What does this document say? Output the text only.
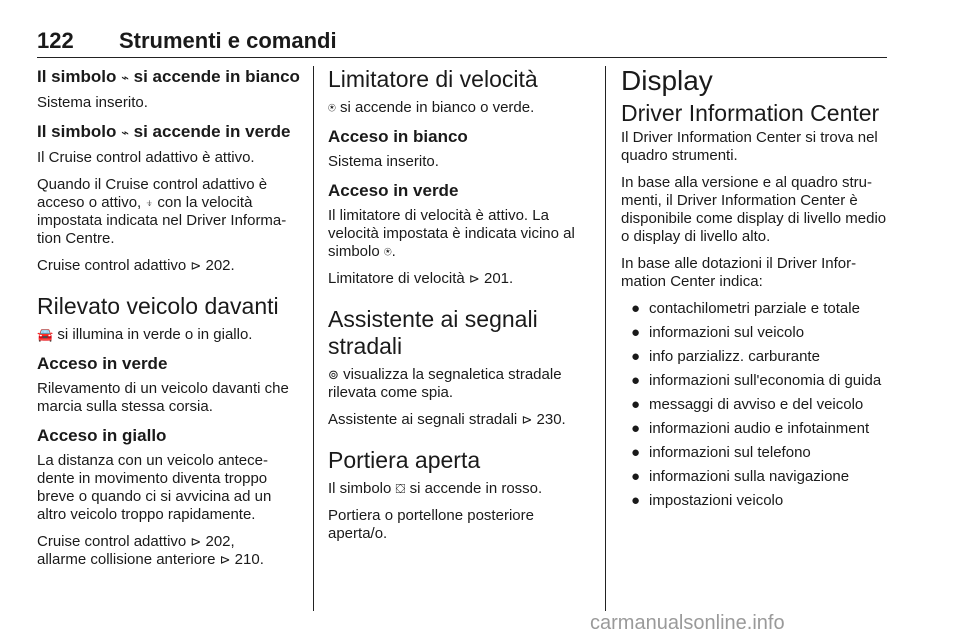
122 Strumenti e comandi
Il simbolo ⌁ si accende in bianco

Sistema inserito.

Il simbolo ⌁ si accende in verde

Il Cruise control adattivo è attivo.

Quando il Cruise control adattivo è acceso o attivo, ⍖ con la velocità impostata indicata nel Driver Information Centre.

Cruise control adattivo ⊳ 202.

Rilevato veicolo davanti

🚘 si illumina in verde o in giallo.

Acceso in verde

Rilevamento di un veicolo davanti che marcia sulla stessa corsia.

Acceso in giallo

La distanza con un veicolo antecedente in movimento diventa troppo breve o quando ci si avvicina ad un altro veicolo troppo rapidamente.

Cruise control adattivo ⊳ 202,
allarme collisione anteriore ⊳ 210.

Limitatore di velocità

⍟ si accende in bianco o verde.

Acceso in bianco

Sistema inserito.

Acceso in verde

Il limitatore di velocità è attivo. La velocità impostata è indicata vicino al simbolo ⍟.

Limitatore di velocità ⊳ 201.

Assistente ai segnali stradali

⊚ visualizza la segnaletica stradale rilevata come spia.

Assistente ai segnali stradali ⊳ 230.

Portiera aperta

Il simbolo ⛋ si accende in rosso.

Portiera o portellone posteriore aperta/o.

Display
Driver Information Center

Il Driver Information Center si trova nel quadro strumenti.

In base alla versione e al quadro strumenti, il Driver Information Center è disponibile come display di livello medio o display di livello alto.

In base alle dotazioni il Driver Information Center indica:

● contachilometri parziale e totale
● informazioni sul veicolo
● info parzializz. carburante
● informazioni sull'economia di guida
● messaggi di avviso e del veicolo
● informazioni audio e infotainment
● informazioni sul telefono
● informazioni sulla navigazione
● impostazioni veicolo
carmanualsonline.info
